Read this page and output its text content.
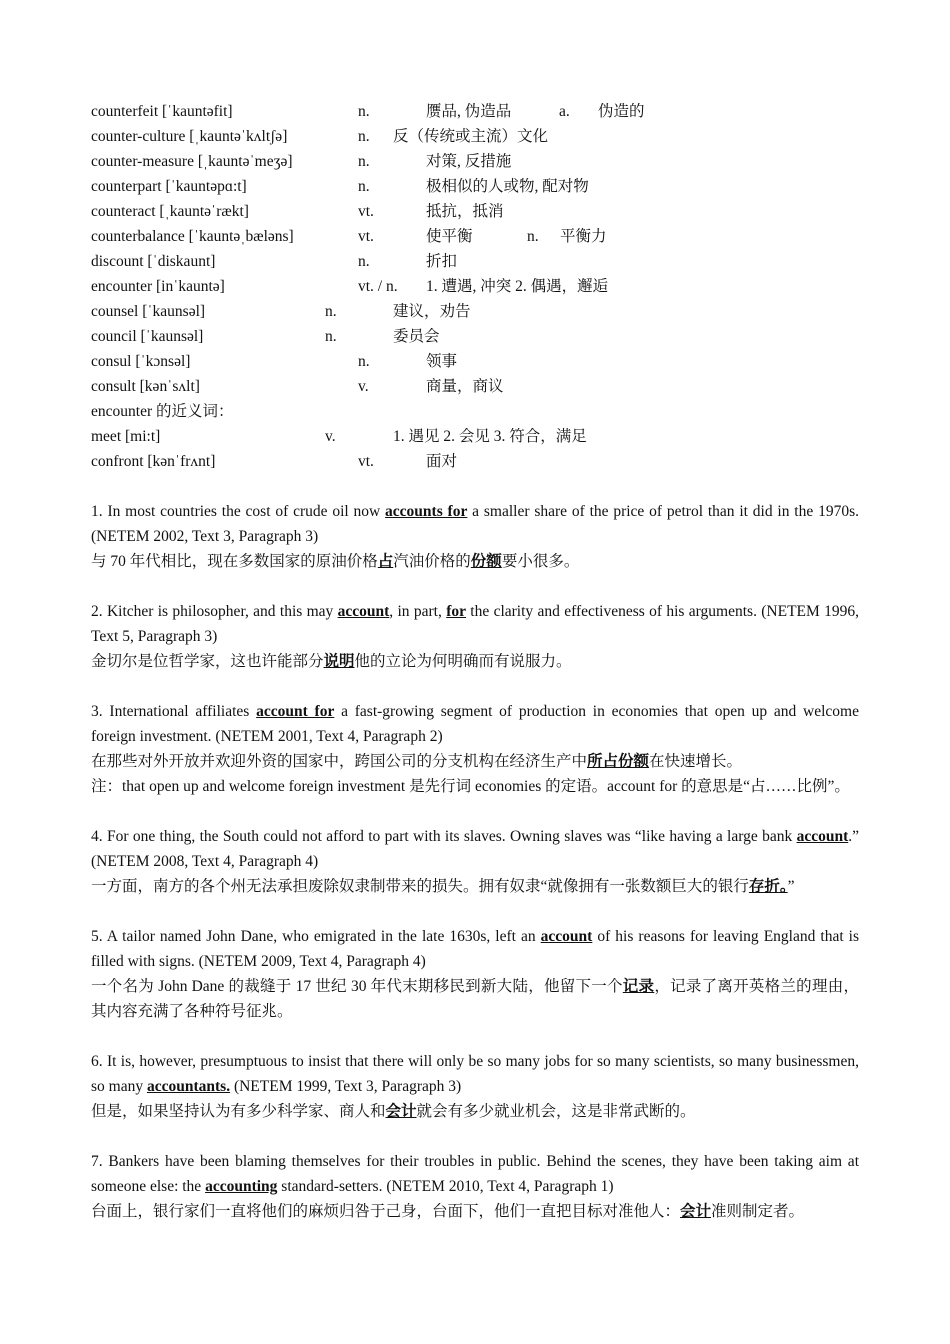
counterfeit [ˈkauntəfit]	n.	赝品, 伪造品	a. 伪造的
counter-culture [ˌkauntəˈkʌltʃə]	n. 反（传统或主流）文化
counter-measure [ˌkauntəˈmeʒə]	n.	对策, 反措施
counterpart [ˈkauntəpɑ:t]	n.	极相似的人或物, 配对物
counteract [ˌkauntəˈrækt]	vt.	抵抗，抵消
counterbalance [ˈkauntəˌbæləns]	vt.	使平衡	n. 平衡力
discount [ˈdiskaunt]	n.	折扣
encounter [inˈkauntə]	vt. / n. 1. 遭遇, 冲突 2. 偶遇，邂逅
counsel [ˈkaunsəl]	n.	建议，劝告
council [ˈkaunsəl]	n.	委员会
consul [ˈkɔnsəl]	n.	领事
consult [kənˈsʌlt]	v.	商量，商议
encounter 的近义词：
meet [mi:t]	v.	1. 遇见 2. 会见 3. 符合，满足
confront [kənˈfrʌnt]	vt.	面对

1. In most countries the cost of crude oil now accounts for a smaller share of the price of petrol than it did in the 1970s. (NETEM 2002, Text 3, Paragraph 3)

与 70 年代相比，现在多数国家的原油价格占汽油价格的份额要小很多。

2. Kitcher is philosopher, and this may account, in part, for the clarity and effectiveness of his arguments. (NETEM 1996, Text 5, Paragraph 3)

金切尔是位哲学家，这也许能部分说明他的立论为何明确而有说服力。

3. International affiliates account for a fast-growing segment of production in economies that open up and welcome foreign investment. (NETEM 2001, Text 4, Paragraph 2)

在那些对外开放并欢迎外资的国家中，跨国公司的分支机构在经济生产中所占份额在快速增长。

注：that open up and welcome foreign investment 是先行词 economies 的定语。account for 的意思是“占……比例”。

4. For one thing, the South could not afford to part with its slaves. Owning slaves was “like having a large bank account.” (NETEM 2008, Text 4, Paragraph 4)

一方面，南方的各个州无法承担废除奴隶制带来的损失。拥有奴隶“就像拥有一张数额巨大的银行存折。”

5. A tailor named John Dane, who emigrated in the late 1630s, left an account of his reasons for leaving England that is filled with signs. (NETEM 2009, Text 4, Paragraph 4)

一个名为 John Dane 的裁缝于 17 世纪 30 年代末期移民到新大陆，他留下一个记录，记录了离开英格兰的理由，其内容充满了各种符号征兆。

6. It is, however, presumptuous to insist that there will only be so many jobs for so many scientists, so many businessmen, so many accountants. (NETEM 1999, Text 3, Paragraph 3)

但是，如果坚持认为有多少科学家、商人和会计就会有多少就业机会，这是非常武断的。

7. Bankers have been blaming themselves for their troubles in public. Behind the scenes, they have been taking aim at someone else: the accounting standard-setters. (NETEM 2010, Text 4, Paragraph 1)

台面上，银行家们一直将他们的麻烦归咎于己身，台面下，他们一直把目标对准他人：会计准则制定者。
